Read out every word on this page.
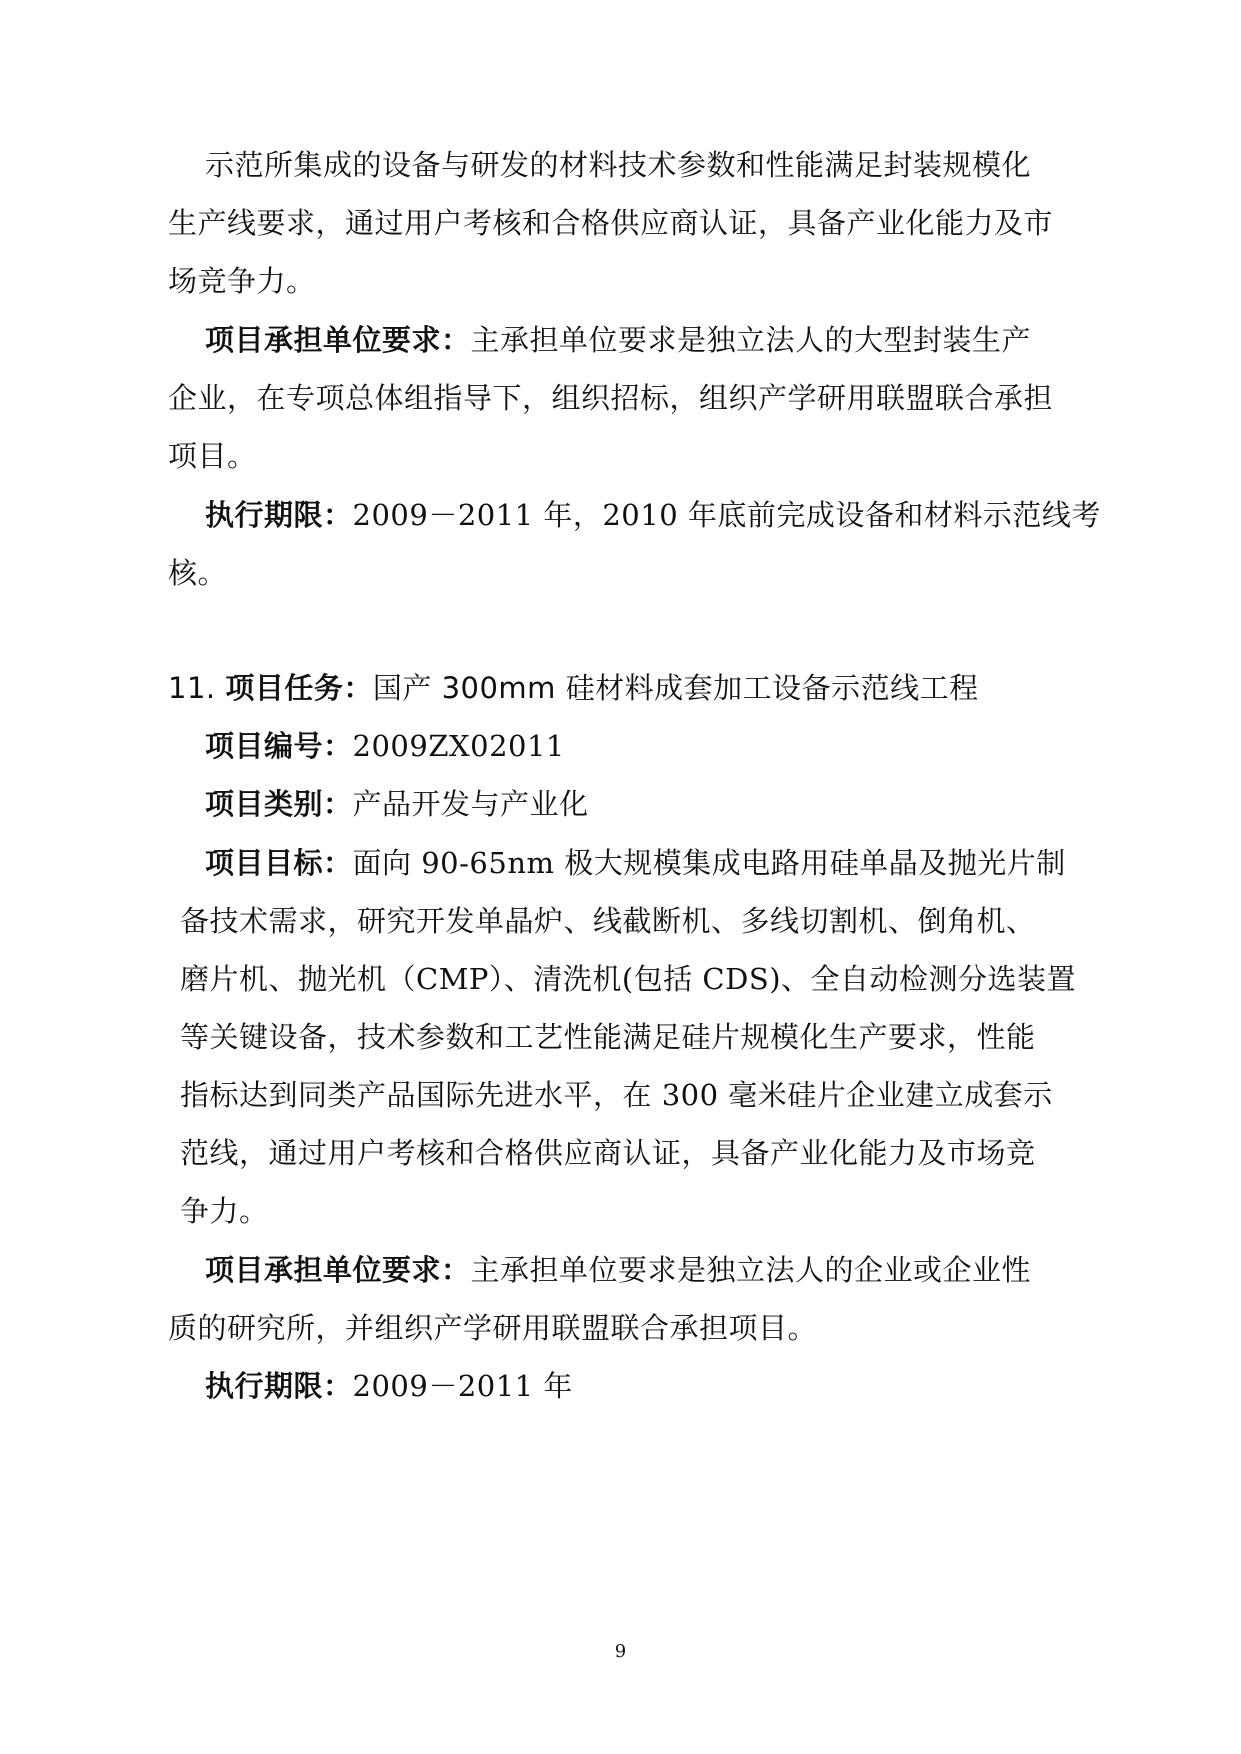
示范所集成的设备与研发的材料技术参数和性能满足封装规模化
生产线要求，通过用户考核和合格供应商认证，具备产业化能力及市
场竞争力。
项目承担单位要求：主承担单位要求是独立法人的大型封装生产
企业，在专项总体组指导下，组织招标，组织产学研用联盟联合承担
项目。
执行期限：2009－2011 年，2010 年底前完成设备和材料示范线考
核。
11. 项目任务：国产 300mm 硅材料成套加工设备示范线工程
项目编号：2009ZX02011
项目类别：产品开发与产业化
项目目标：面向 90-65nm 极大规模集成电路用硅单晶及抛光片制
备技术需求，研究开发单晶炉、线截断机、多线切割机、倒角机、
磨片机、抛光机（CMP）、清洗机(包括 CDS)、全自动检测分选装置
等关键设备，技术参数和工艺性能满足硅片规模化生产要求，性能
指标达到同类产品国际先进水平，在 300 毫米硅片企业建立成套示
范线，通过用户考核和合格供应商认证，具备产业化能力及市场竞
争力。
项目承担单位要求：主承担单位要求是独立法人的企业或企业性
质的研究所，并组织产学研用联盟联合承担项目。
执行期限：2009－2011 年
9
